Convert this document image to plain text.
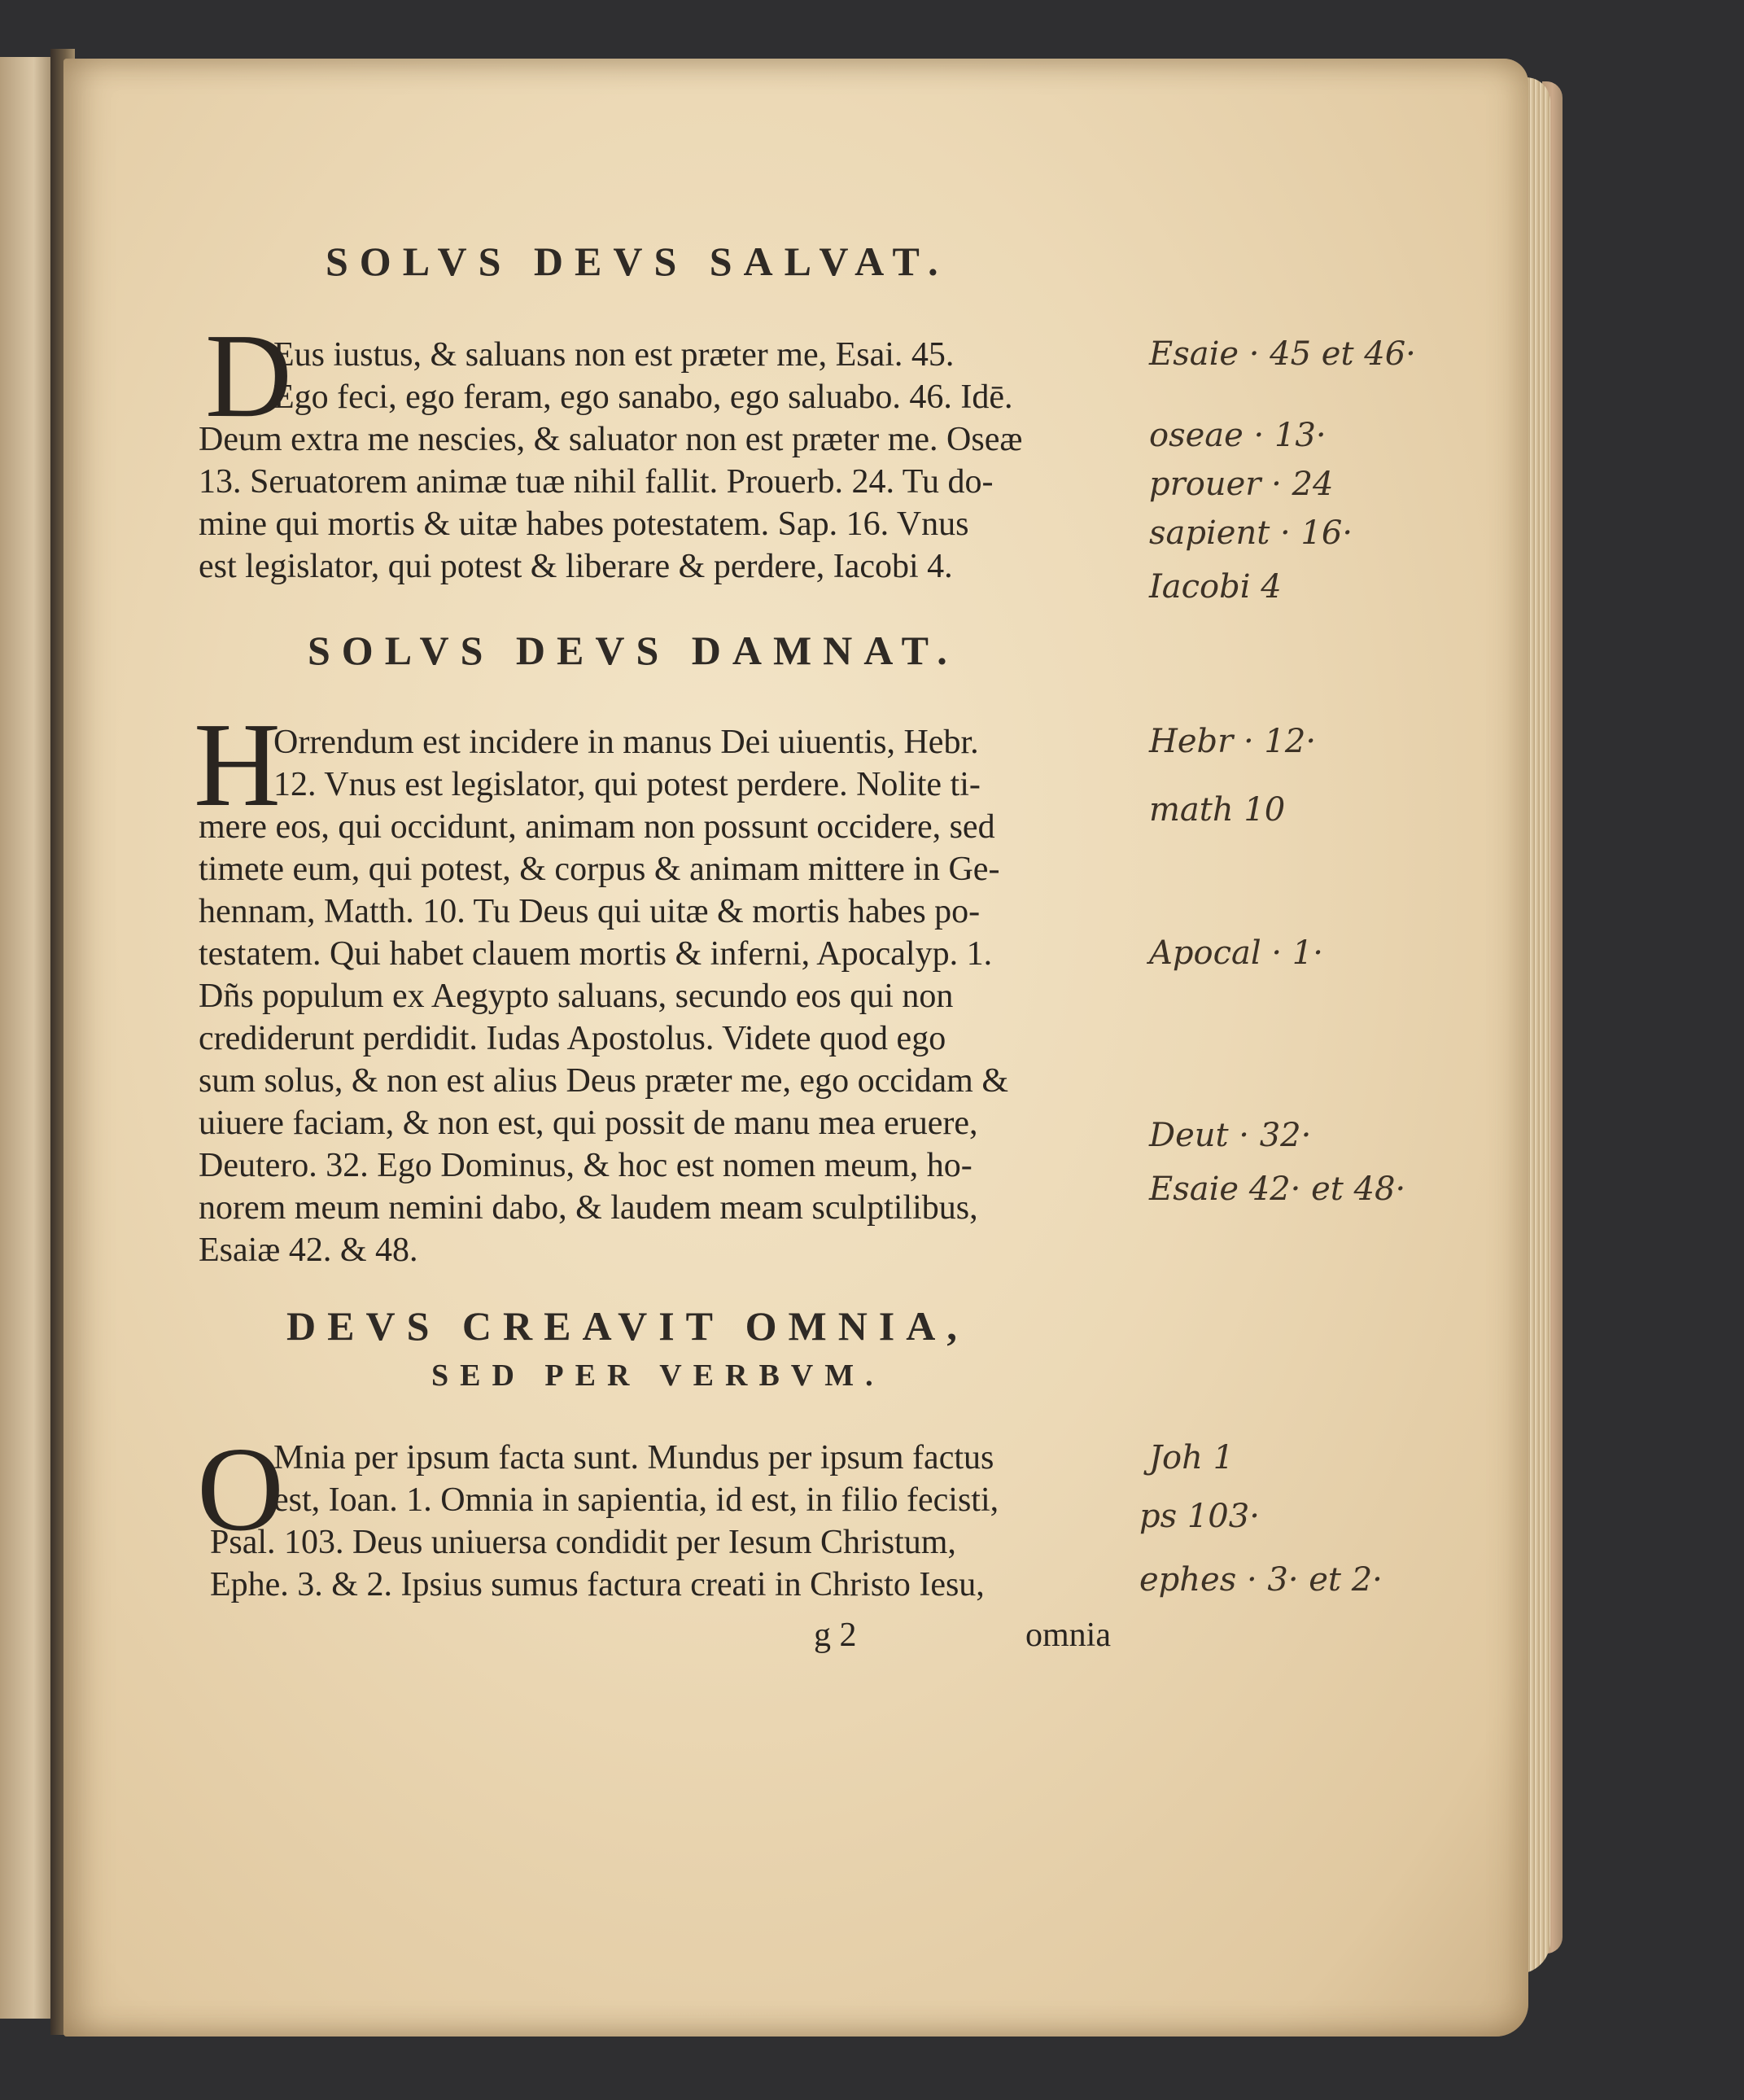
SOLVS DEVS SALVAT.
D
Eus iustus, & saluans non est præter me, Esai. 45.
Ego feci, ego feram, ego sanabo, ego saluabo. 46. Idē.
Deum extra me nescies, & saluator non est præter me. Oseæ
13. Seruatorem animæ tuæ nihil fallit. Prouerb. 24. Tu do-
mine qui mortis & uitæ habes potestatem. Sap. 16. Vnus
est legislator, qui potest & liberare & perdere, Iacobi 4.
SOLVS DEVS DAMNAT.
H
Orrendum est incidere in manus Dei uiuentis, Hebr.
12. Vnus est legislator, qui potest perdere. Nolite ti-
mere eos, qui occidunt, animam non possunt occidere, sed
timete eum, qui potest, & corpus & animam mittere in Ge-
hennam, Matth. 10. Tu Deus qui uitæ & mortis habes po-
testatem. Qui habet clauem mortis & inferni, Apocalyp. 1.
Dñs populum ex Aegypto saluans, secundo eos qui non
crediderunt perdidit. Iudas Apostolus. Videte quod ego
sum solus, & non est alius Deus præter me, ego occidam &
uiuere faciam, & non est, qui possit de manu mea eruere,
Deutero. 32. Ego Dominus, & hoc est nomen meum, ho-
norem meum nemini dabo, & laudem meam sculptilibus,
Esaiæ 42. & 48.
DEVS CREAVIT OMNIA,
SED PER VERBVM.
O
Mnia per ipsum facta sunt. Mundus per ipsum factus
est, Ioan. 1. Omnia in sapientia, id est, in filio fecisti,
Psal. 103. Deus uniuersa condidit per Iesum Christum,
Ephe. 3. & 2. Ipsius sumus factura creati in Christo Iesu,
g 2	omnia
Esaie · 45 et 46·
oseae · 13·
prouer · 24
sapient · 16·
Iacobi 4
Hebr · 12·
math 10
Apocal · 1·
Deut · 32·
Esaie 42· et 48·
Joh 1
ps 103·
ephes · 3· et 2·
